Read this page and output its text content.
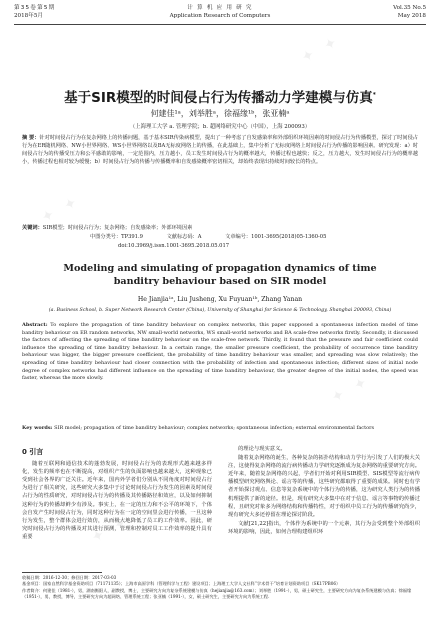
第35卷第5期
2018年5月
计 算 机 应 用 研 究
Application Research of Computers
Vol.35 No.5
May 2018
基于SIR模型的时间侵占行为传播动力学建模与仿真*
何建佳¹ᵃ，刘举胜ᵃ，徐福缘¹ᵇ，张亚楠ᵃ
（上海理工大学 a. 管理学院；b. 超网络研究中心（中国），上海 200093）
摘 要：针对时间侵占行为在复杂网络上的传播问题，基于基本SIR传染病模型，提出了一种考虑了自发感染率和外部组织环境因素的时间侵占行为传播模型，探讨了时间侵占行为在ER随机网络、NW小世界网络、WS小世界网络以及BA无标度网络上的传播，在此基础上，集中分析了无标度网络上时间侵占行为传播的影响因素。研究发现：a）时间侵占行为的传播受压力和公平感敢的影响，一定范围内，压力越小，员工发生时间侵占行为的概率越大，传播过程也越快；反之，压力越大，发生时间侵占行为的概率越小，传播过程也相对较为缓慢；b）时间侵占行为的传播与传播概率和自发感染概率密切相关，却始终表现出持续时间较长的特点。
关键词：SIR模型；时间侵占行为；复杂网络；自发感染率；外部环境因素
中图分类号：TP391.9	文献标志码：A	文章编号：1001-3695(2018)05-1360-05
doi:10.3969/j.issn.1001-3695.2018.05.017
Modeling and simulating of propagation dynamics of time banditry behaviour based on SIR model
He Jianjia¹ᵃ, Liu Jusheng, Xu Fuyuan¹ᵇ, Zhang Yanan
(a. Business School, b. Super Network Research Center (China), University of Shanghai for Science & Technology, Shanghai 200093, China)
Abstract: To explore the propagation of time banditry behaviour on complex networks, this paper supposed a spontaneous infection model of time banditry behaviour on ER random networks, NW small-world networks, WS small-world networks and BA scale-free networks firstly. Secondly, it discussed the factors of affecting the spreading of time banditry behaviour on the scale-free network. Thirdly, it found that the pressure and fair coefficient could influence the spreading of time banditry behaviour. In a certain range, the smaller pressure coefficient, the probability of occurrence time banditry behaviour was bigger, the bigger pressure coefficient, the probability of time banditry behaviour was smaller, and spreading was slow relatively; the spreading of time banditry behaviour had closer connection with the probability of infection and spontaneous infection; different sizes of initial node degree of complex networks had different influence on the spreading of time banditry behaviour, the greater degree of the initial nodes, the speed was faster, whereas the more slowly.
Key words: SIR model; propagation of time banditry behaviour; complex networks; spontaneous infection; external environmental factors
0 引言

随着互联网和通信技术的蓬勃发展，时间侵占行为的表现形式越来越多样化，发生的频率也在不断提高，对组织产生的负面影响也越来越大，这种现象已受到社会各界的广泛关注。近年来，国内外学者们分别从不同角度对时间侵占行为进行了相关研究，这些研究大多集中于讨论时间侵占行为发生的因素及时间侵占行为的性质研究，对时间侵占行为的传播及其传播路径和效应，以及如何抑制这种行为的传播却鲜少有涉及。事实上，在一定的压力和不公平的环境下，个体会自发产生时间侵占行为，同时这种行为在一定的空间里会进行传播，一旦这种行为发生，整个群体会进行效仿，从而极大地降低了员工的工作效率。因此，研究时间侵占行为的传播及对其进行预测，管理和控制对员工工作效率的提升具有重要

的理论与现实意义。

随着复杂网络的诞生，各种复杂的拓扑结构和动力学行为引发了人们的极大关注，这使得复杂网络的流行病传播动力学研究逐渐成为复杂网络的重要研究方向。近年来，随着复杂网络的兴起，学者们开始对利用SIR模型、SIS模型等流行病传播模型研究网络舆论、谣言等的传播，这些研究都取得了重要的成果。同时也有学者开始探讨观点、信息等复杂系统中的个体行为的传播，这为研究人类行为的传播机理提供了新的途径。但是，现有研究大多集中在对于信息、谣言等事物的传播过程，且研究对象多为网络结构和传播特性，对于组织中员工行为的传播研究尚少，现有研究大多还停留在理论探讨阶段。

文献[21,22]指出，个体作为系统中的一个元素，其行为会受到整个外部组织环境的影响，因此，如何合理构建组织环

收稿日期：2016-12-30；修回日期：2017-03-03
基金项目：国家自然科学基金资助项目（71171135）；上海市高原学科（管理科学与工程）建设项目；上海理工大学人文社科“学术骨干”培育计划资助项目（SK17PB06）
作者简介：何建佳（1981-），男，湖南衡阳人，副教授，博士，主要研究方向为复杂系统建模与仿真（hejianjia@163.com）；刘举胜（1991-），男，硕士研究生，主要研究方向为复杂系统建模与仿真；徐福缘（1951-），男，教授，博导，主要研究方向为超网络、管理系统工程；张亚楠（1991-），女，硕士研究生，主要研究方向为系统工程.
✦ ✦
✦ ✦
✦ ✦
✦ ✦
